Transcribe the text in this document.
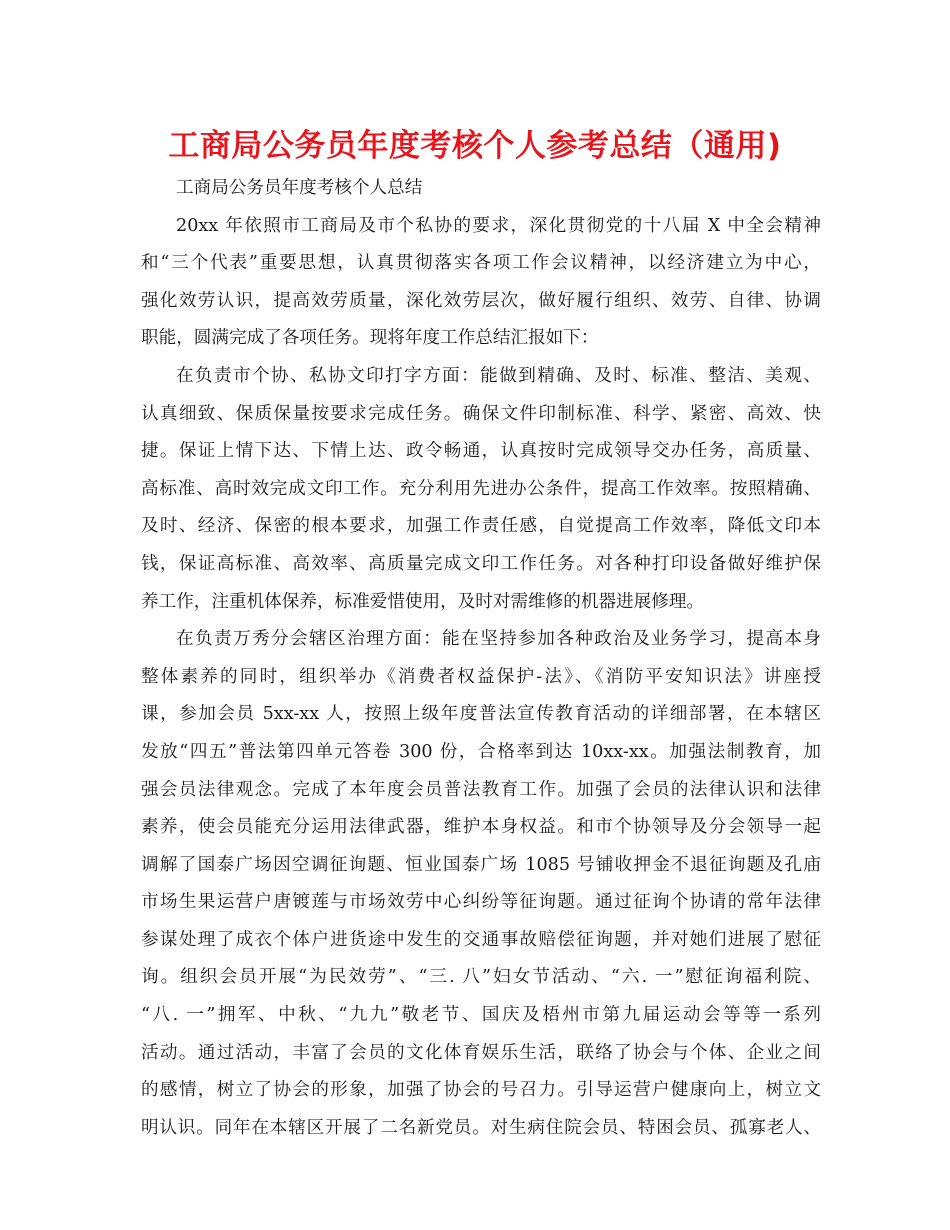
工商局公务员年度考核个人参考总结（通用)
工商局公务员年度考核个人总结
20xx 年依照市工商局及市个私协的要求，深化贯彻党的十八届 X 中全会精神
和“三个代表”重要思想，认真贯彻落实各项工作会议精神，以经济建立为中心，
强化效劳认识，提高效劳质量，深化效劳层次，做好履行组织、效劳、自律、协调
职能，圆满完成了各项任务。现将年度工作总结汇报如下：
在负责市个协、私协文印打字方面：能做到精确、及时、标准、整洁、美观、
认真细致、保质保量按要求完成任务。确保文件印制标准、科学、紧密、高效、快
捷。保证上情下达、下情上达、政令畅通，认真按时完成领导交办任务，高质量、
高标准、高时效完成文印工作。充分利用先进办公条件，提高工作效率。按照精确、
及时、经济、保密的根本要求，加强工作责任感，自觉提高工作效率，降低文印本
钱，保证高标准、高效率、高质量完成文印工作任务。对各种打印设备做好维护保
养工作，注重机体保养，标准爱惜使用，及时对需维修的机器进展修理。
在负责万秀分会辖区治理方面：能在坚持参加各种政治及业务学习，提高本身
整体素养的同时，组织举办《消费者权益保护-法》、《消防平安知识法》讲座授
课，参加会员 5xx-xx 人，按照上级年度普法宣传教育活动的详细部署，在本辖区
发放“四五”普法第四单元答卷 300 份，合格率到达 10xx-xx。加强法制教育，加
强会员法律观念。完成了本年度会员普法教育工作。加强了会员的法律认识和法律
素养，使会员能充分运用法律武器，维护本身权益。和市个协领导及分会领导一起
调解了国泰广场因空调征询题、恒业国泰广场 1085 号铺收押金不退征询题及孔庙
市场生果运营户唐镀莲与市场效劳中心纠纷等征询题。通过征询个协请的常年法律
参谋处理了成衣个体户进货途中发生的交通事故赔偿征询题，并对她们进展了慰征
询。组织会员开展“为民效劳”、“三. 八”妇女节活动、“六. 一”慰征询福利院、
“八. 一”拥军、中秋、“九九”敬老节、国庆及梧州市第九届运动会等等一系列
活动。通过活动，丰富了会员的文化体育娱乐生活，联络了协会与个体、企业之间
的感情，树立了协会的形象，加强了协会的号召力。引导运营户健康向上，树立文
明认识。同年在本辖区开展了二名新党员。对生病住院会员、特困会员、孤寡老人、
